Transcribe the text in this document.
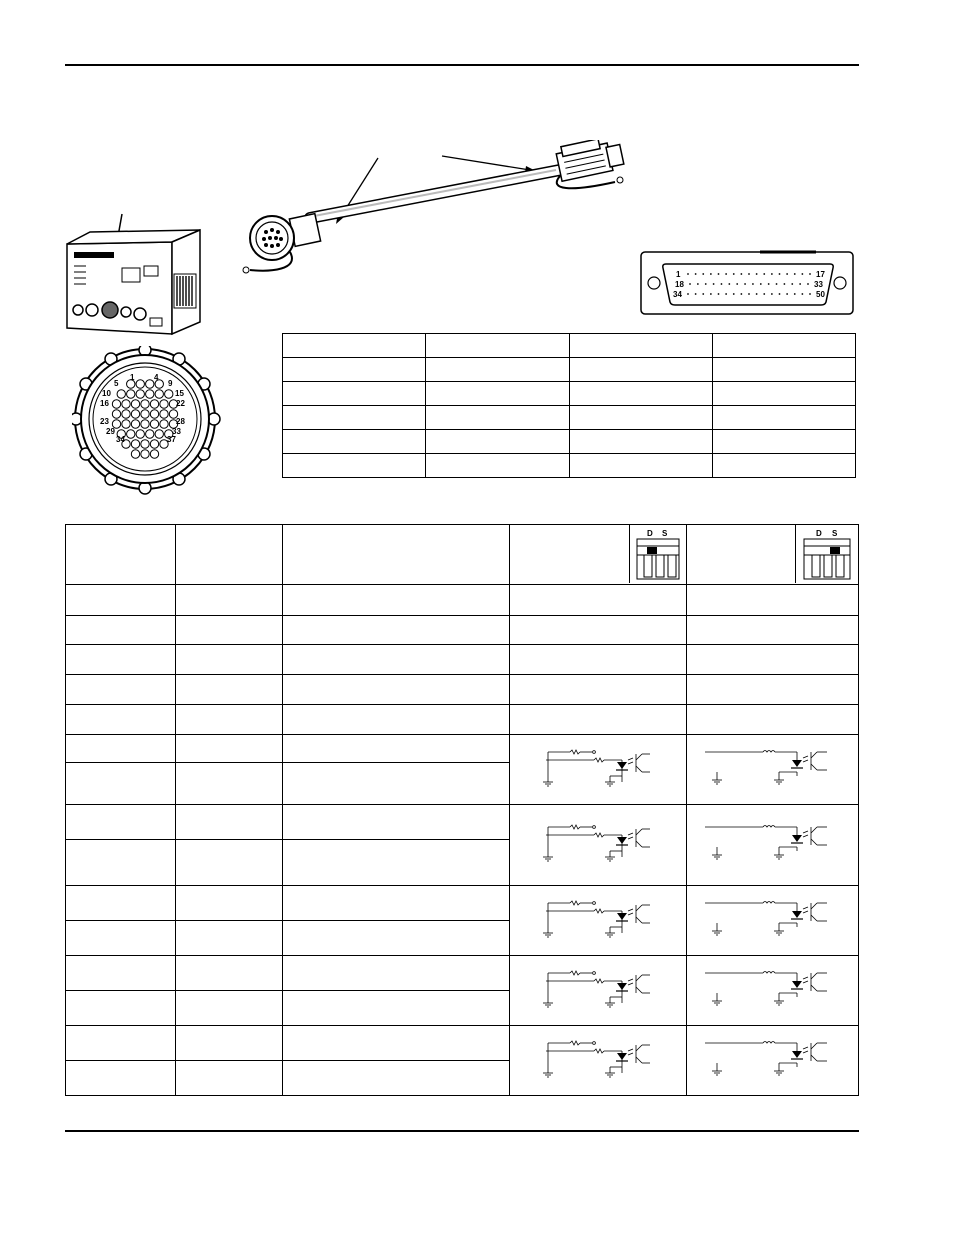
1 4
5	9
10	15
16	22
23	28
29	33
34	37
1	17
18	33
34	50

D S	D S
